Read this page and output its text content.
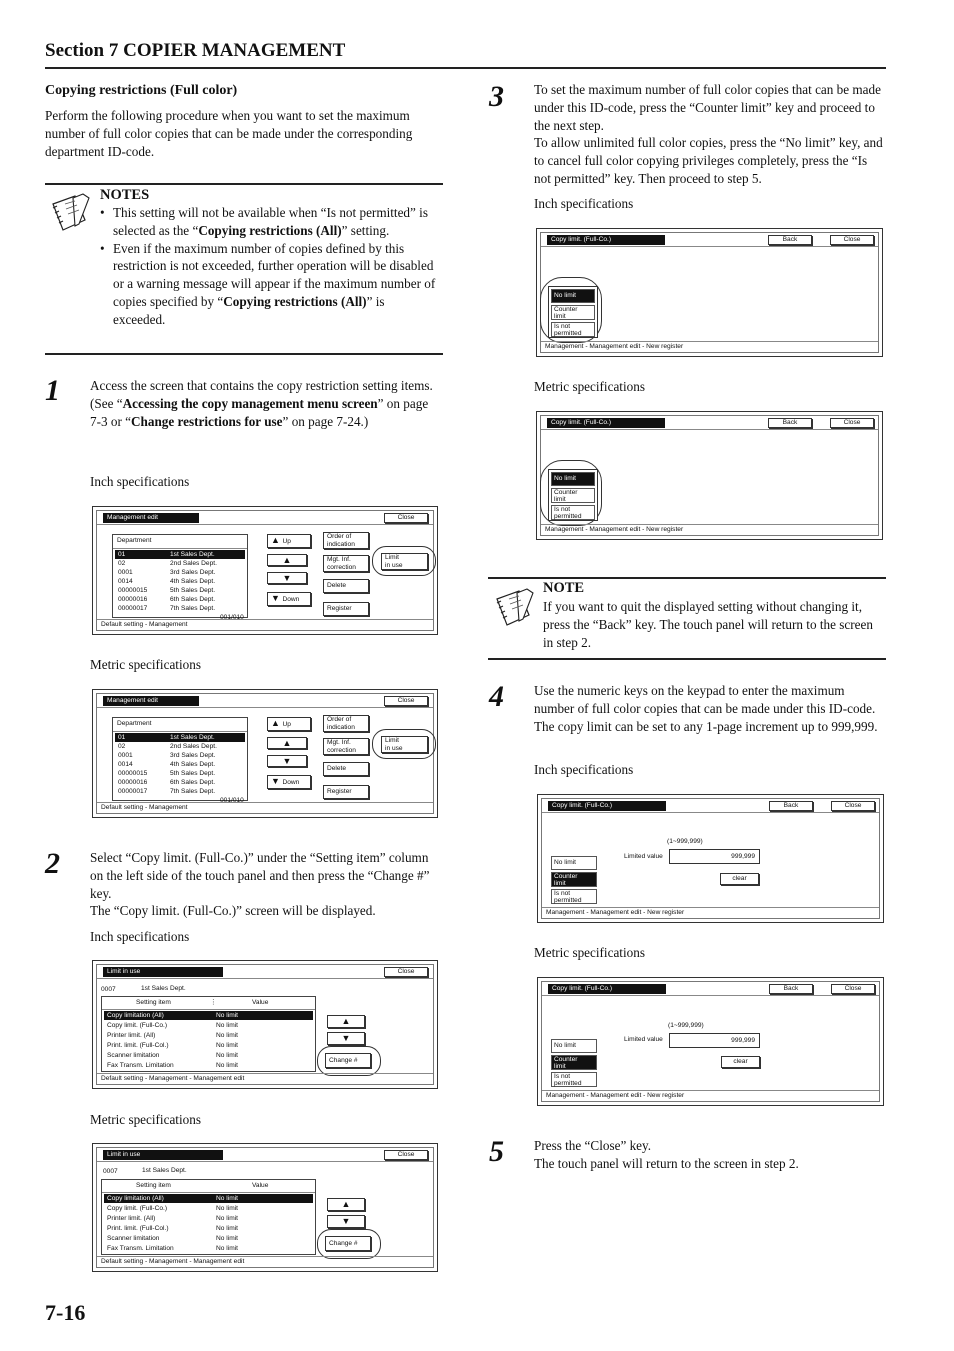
Section 7 COPIER MANAGEMENT
Copying restrictions (Full color)
Perform the following procedure when you want to set the maximum number of full color copies that can be made under the corresponding department ID-code.
NOTES
• This setting will not be available when “Is not permitted” is selected as the “Copying restrictions (All)” setting.
• Even if the maximum number of copies defined by this restriction is not exceeded, further operation will be disabled or a warning message will appear if the maximum number of copies specified by “Copying restrictions (All)” is exceeded.
1 Access the screen that contains the copy restriction setting items.
(See “Accessing the copy management menu screen” on page 7-3 or “Change restrictions for use” on page 7-24.)
Inch specifications
Management edit	Close
Department
01	1st Sales Dept.
02	2nd Sales Dept.
0001	3rd Sales Dept.
0014	4th Sales Dept.
00000015	5th Sales Dept.
00000016	6th Sales Dept.
00000017	7th Sales Dept.
001/010
▲ Up
▲
▼
▼ Down
Order of
indication
Mgt. Inf.
correction
Delete
Register
Limit
in use
Default setting - Management
Metric specifications
Management edit	Close
Department
01	1st Sales Dept.
02	2nd Sales Dept.
0001	3rd Sales Dept.
0014	4th Sales Dept.
00000015	5th Sales Dept.
00000016	6th Sales Dept.
00000017	7th Sales Dept.
001/010
▲ Up
▲
▼
▼ Down
Order of
indication
Mgt. Inf.
correction
Delete
Register
Limit
in use
Default setting - Management
2 Select “Copy limit. (Full-Co.)” under the “Setting item” column on the left side of the touch panel and then press the “Change #” key.
The “Copy limit. (Full-Co.)” screen will be displayed.
Inch specifications
Limit in use	Close
0007	1st Sales Dept.
Setting item	⋮	Value
Copy limitation (All)	No limit
Copy limit. (Full-Co.)	No limit
Printer limit. (All)	No limit
Print. limit. (Full-Col.)	No limit
Scanner limitation	No limit
Fax Transm. Limitation	No limit
▲
▼
Change #
Default setting - Management - Management edit
Metric specifications
Limit in use	Close
0007	1st Sales Dept.
Setting item	Value
Copy limitation (All)	No limit
Copy limit. (Full-Co.)	No limit
Printer limit. (All)	No limit
Print. limit. (Full-Col.)	No limit
Scanner limitation	No limit
Fax Transm. Limitation	No limit
▲
▼
Change #
Default setting - Management - Management edit
7-16
3 To set the maximum number of full color copies that can be made under this ID-code, press the “Counter limit” key and proceed to the next step.
To allow unlimited full color copies, press the “No limit” key, and to cancel full color copying privileges completely, press the “Is not permitted” key. Then proceed to step 5.
Inch specifications
Copy limit. (Full-Co.)	Back	Close
No limit
Counter
limit
Is not
permitted
Management - Management edit - New register
Metric specifications
Copy limit. (Full-Co.)	Back	Close
No limit
Counter
limit
Is not
permitted
Management - Management edit - New register
NOTE
If you want to quit the displayed setting without changing it, press the “Back” key. The touch panel will return to the screen in step 2.
4 Use the numeric keys on the keypad to enter the maximum number of full color copies that can be made under this ID-code. The copy limit can be set to any 1-page increment up to 999,999.
Inch specifications
Copy limit. (Full-Co.)	Back	Close
(1~999,999)
Limited value	999,999
clear
No limit
Counter
limit
Is not
permitted
Management - Management edit - New register
Metric specifications
Copy limit. (Full-Co.)	Back	Close
(1~999,999)
Limited value	999,999
clear
No limit
Counter
limit
Is not
permitted
Management - Management edit - New register
5 Press the “Close” key.
The touch panel will return to the screen in step 2.
